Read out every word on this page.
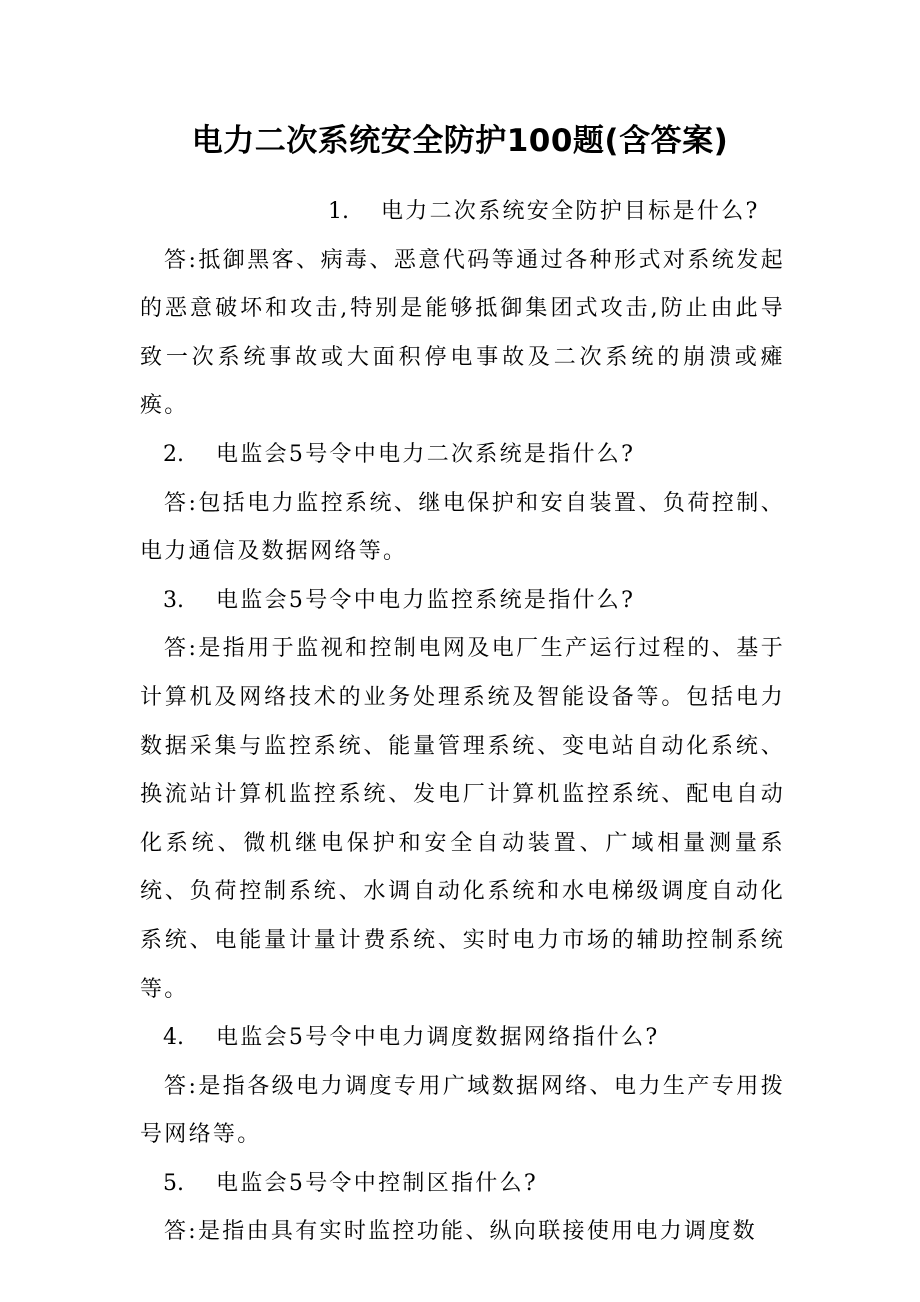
电力二次系统安全防护100题(含答案)
1. 电力二次系统安全防护目标是什么?
答:抵御黑客、病毒、恶意代码等通过各种形式对系统发起的恶意破坏和攻击,特别是能够抵御集团式攻击,防止由此导致一次系统事故或大面积停电事故及二次系统的崩溃或瘫痪。
2. 电监会5号令中电力二次系统是指什么?
答:包括电力监控系统、继电保护和安自装置、负荷控制、电力通信及数据网络等。
3. 电监会5号令中电力监控系统是指什么?
答:是指用于监视和控制电网及电厂生产运行过程的、基于计算机及网络技术的业务处理系统及智能设备等。包括电力数据采集与监控系统、能量管理系统、变电站自动化系统、换流站计算机监控系统、发电厂计算机监控系统、配电自动化系统、微机继电保护和安全自动装置、广域相量测量系统、负荷控制系统、水调自动化系统和水电梯级调度自动化系统、电能量计量计费系统、实时电力市场的辅助控制系统等。
4. 电监会5号令中电力调度数据网络指什么?
答:是指各级电力调度专用广域数据网络、电力生产专用拨号网络等。
5. 电监会5号令中控制区指什么?
答:是指由具有实时监控功能、纵向联接使用电力调度数
